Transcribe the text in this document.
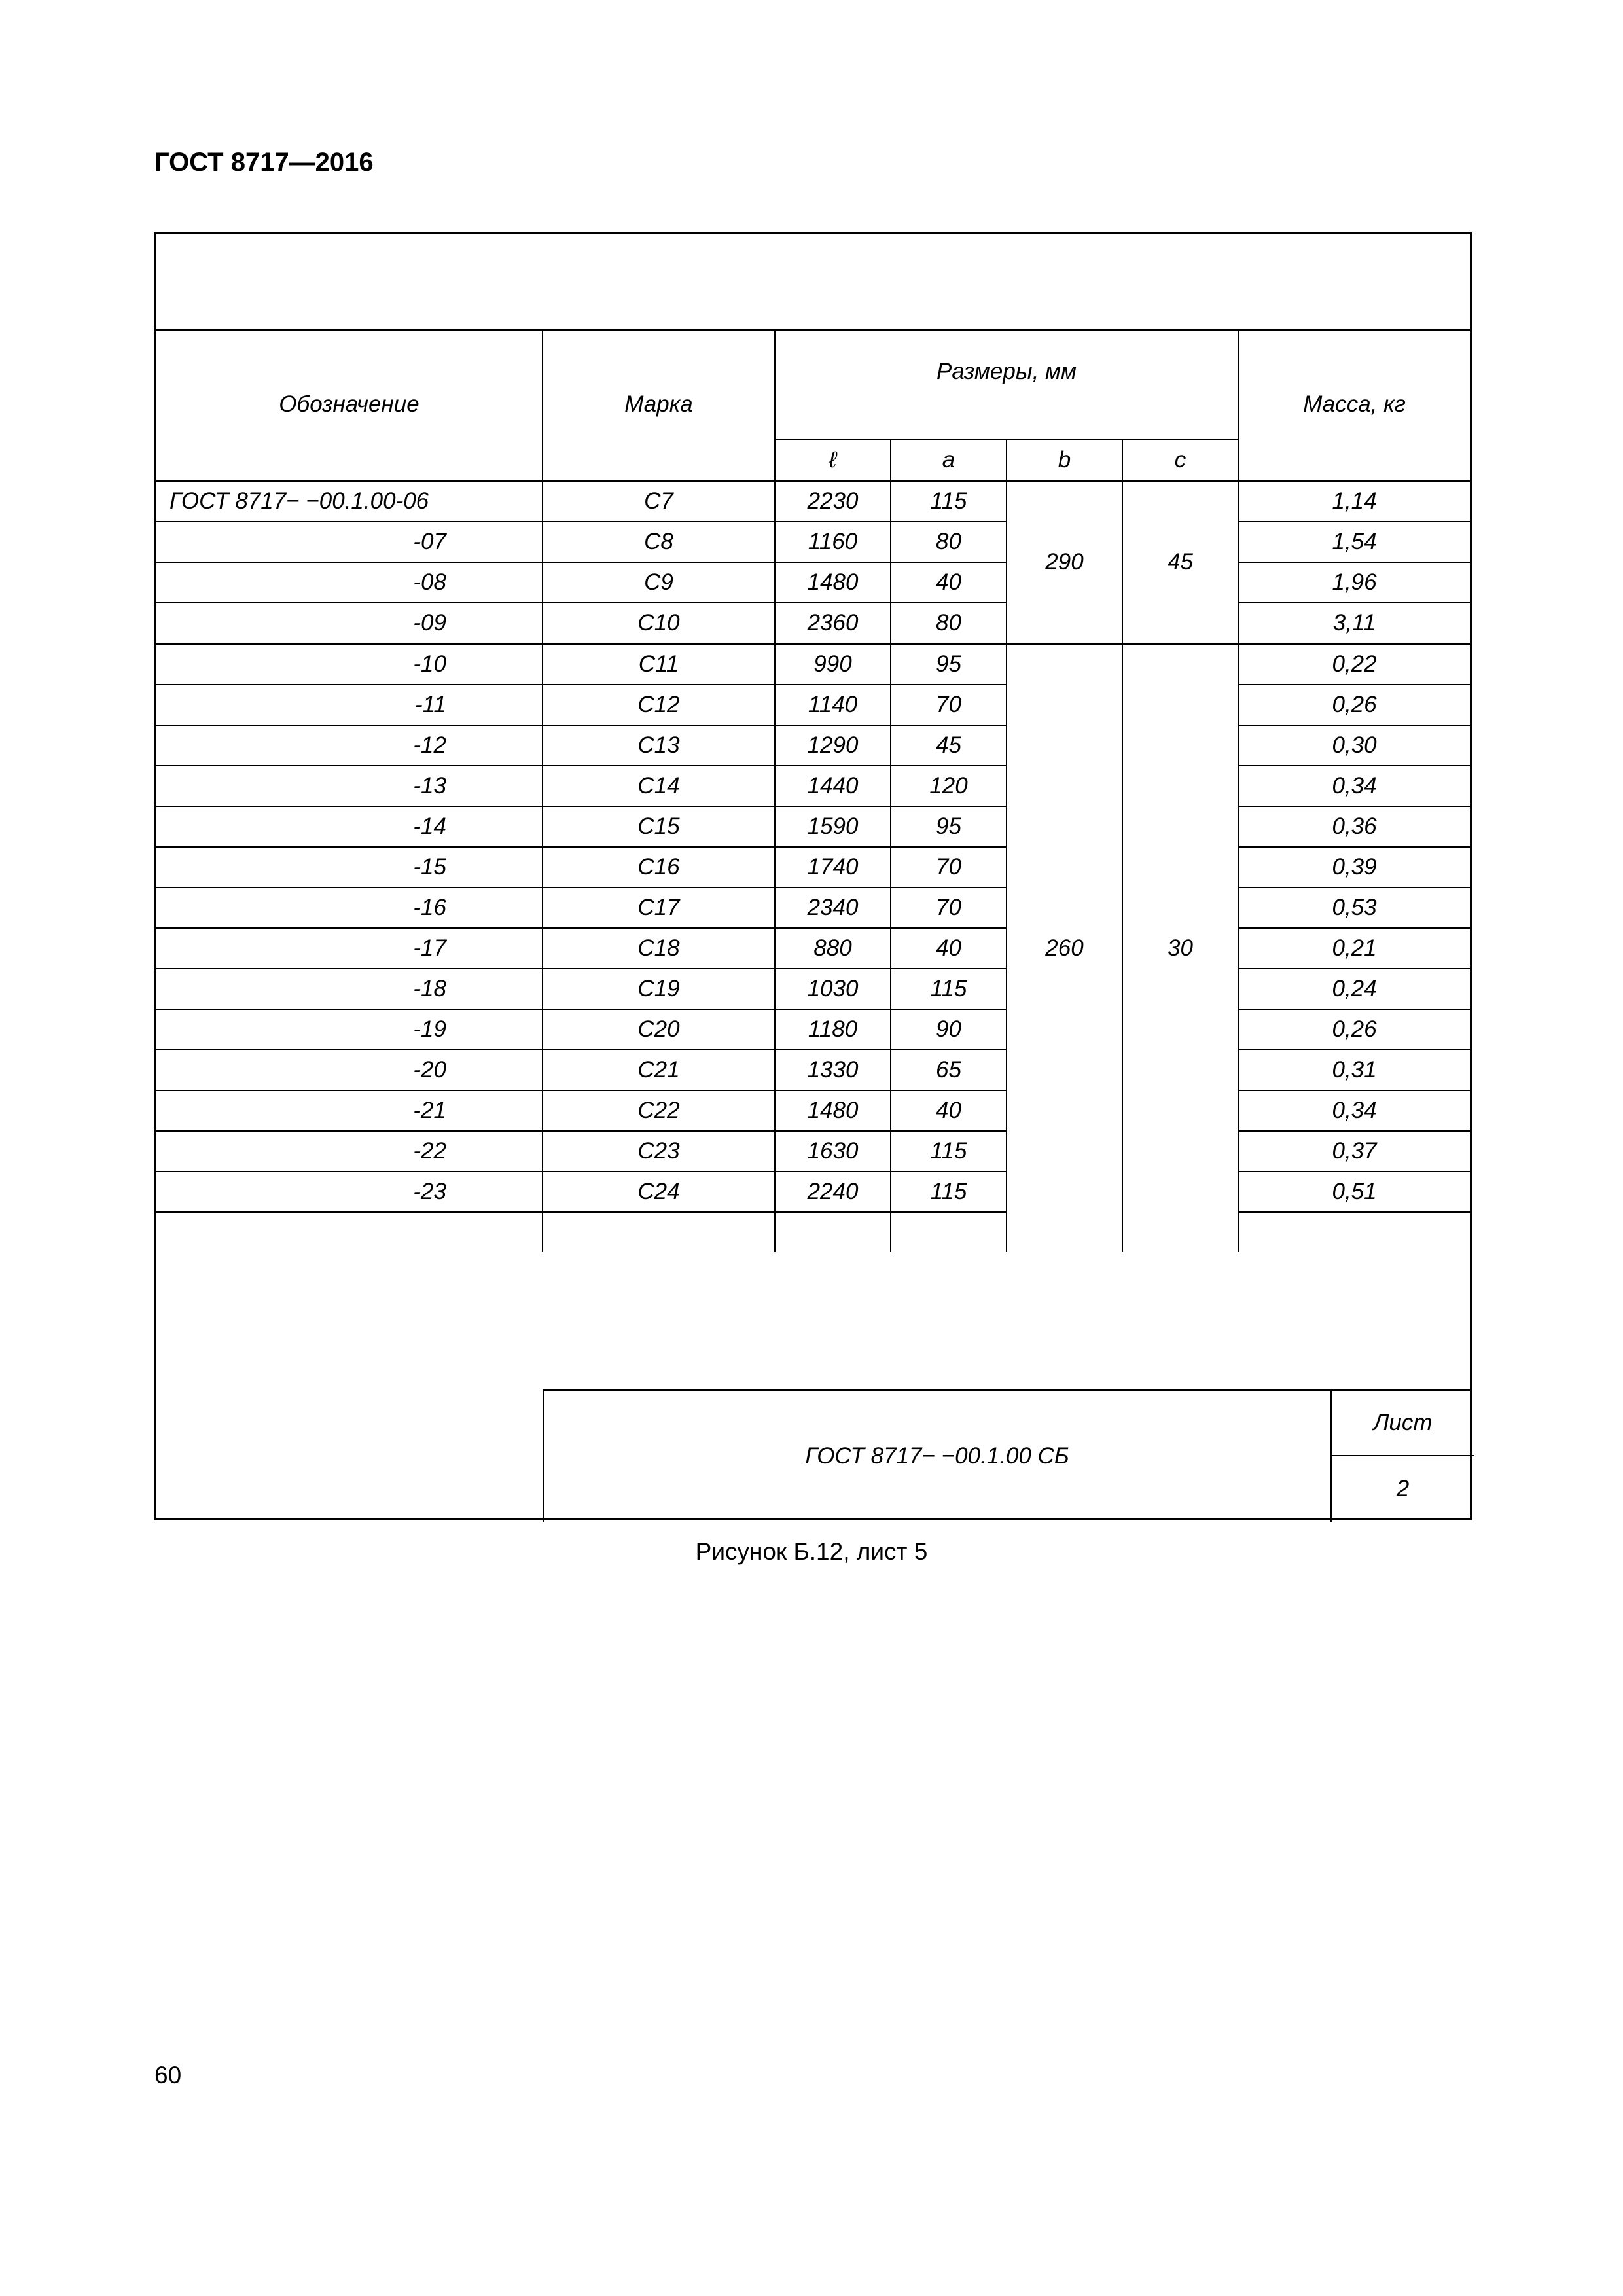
ГОСТ 8717—2016
Обозначение	Марка	Размеры, мм				Масса, кг
		ℓ	a	b	c	
ГОСТ 8717− −00.1.00-06	С7	2230	115	290	45	1,14
-07	С8	1160	80			1,54
-08	С9	1480	40			1,96
-09	С10	2360	80			3,11
-10	С11	990	95	260	30	0,22
-11	С12	1140	70			0,26
-12	С13	1290	45			0,30
-13	С14	1440	120			0,34
-14	С15	1590	95			0,36
-15	С16	1740	70			0,39
-16	С17	2340	70			0,53
-17	С18	880	40			0,21
-18	С19	1030	115			0,24
-19	С20	1180	90			0,26
-20	С21	1330	65			0,31
-21	С22	1480	40			0,34
-22	С23	1630	115			0,37
-23	С24	2240	115			0,51

ГОСТ 8717− −00.1.00 СБ
Лист
2
Рисунок Б.12, лист 5
60
